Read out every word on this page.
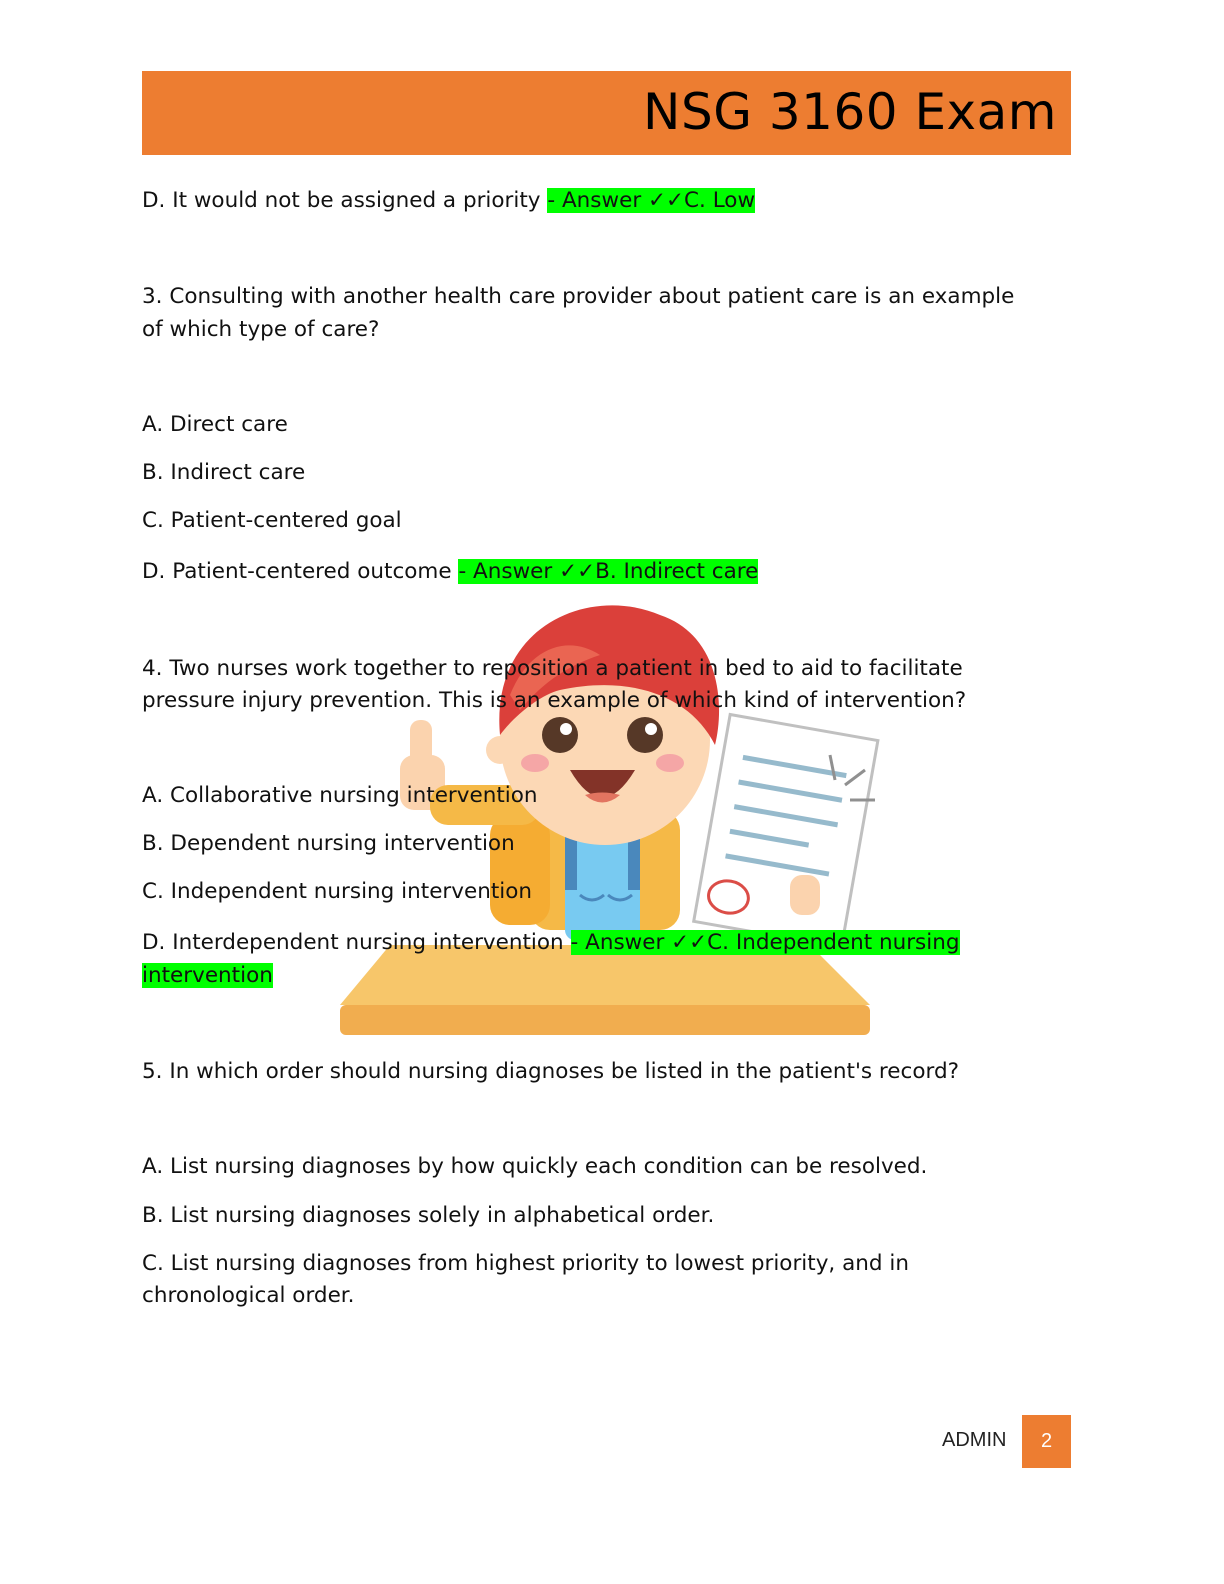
NSG 3160 Exam
D. It would not be assigned a priority - Answer ✓✓C. Low
3. Consulting with another health care provider about patient care is an example
of which type of care?
A. Direct care
B. Indirect care
C. Patient-centered goal
D. Patient-centered outcome - Answer ✓✓B. Indirect care
4. Two nurses work together to reposition a patient in bed to aid to facilitate
pressure injury prevention. This is an example of which kind of intervention?
A. Collaborative nursing intervention
B. Dependent nursing intervention
C. Independent nursing intervention
D. Interdependent nursing intervention - Answer ✓✓C. Independent nursing
intervention
5. In which order should nursing diagnoses be listed in the patient's record?
A. List nursing diagnoses by how quickly each condition can be resolved.
B. List nursing diagnoses solely in alphabetical order.
C. List nursing diagnoses from highest priority to lowest priority, and in
chronological order.
ADMIN	2
